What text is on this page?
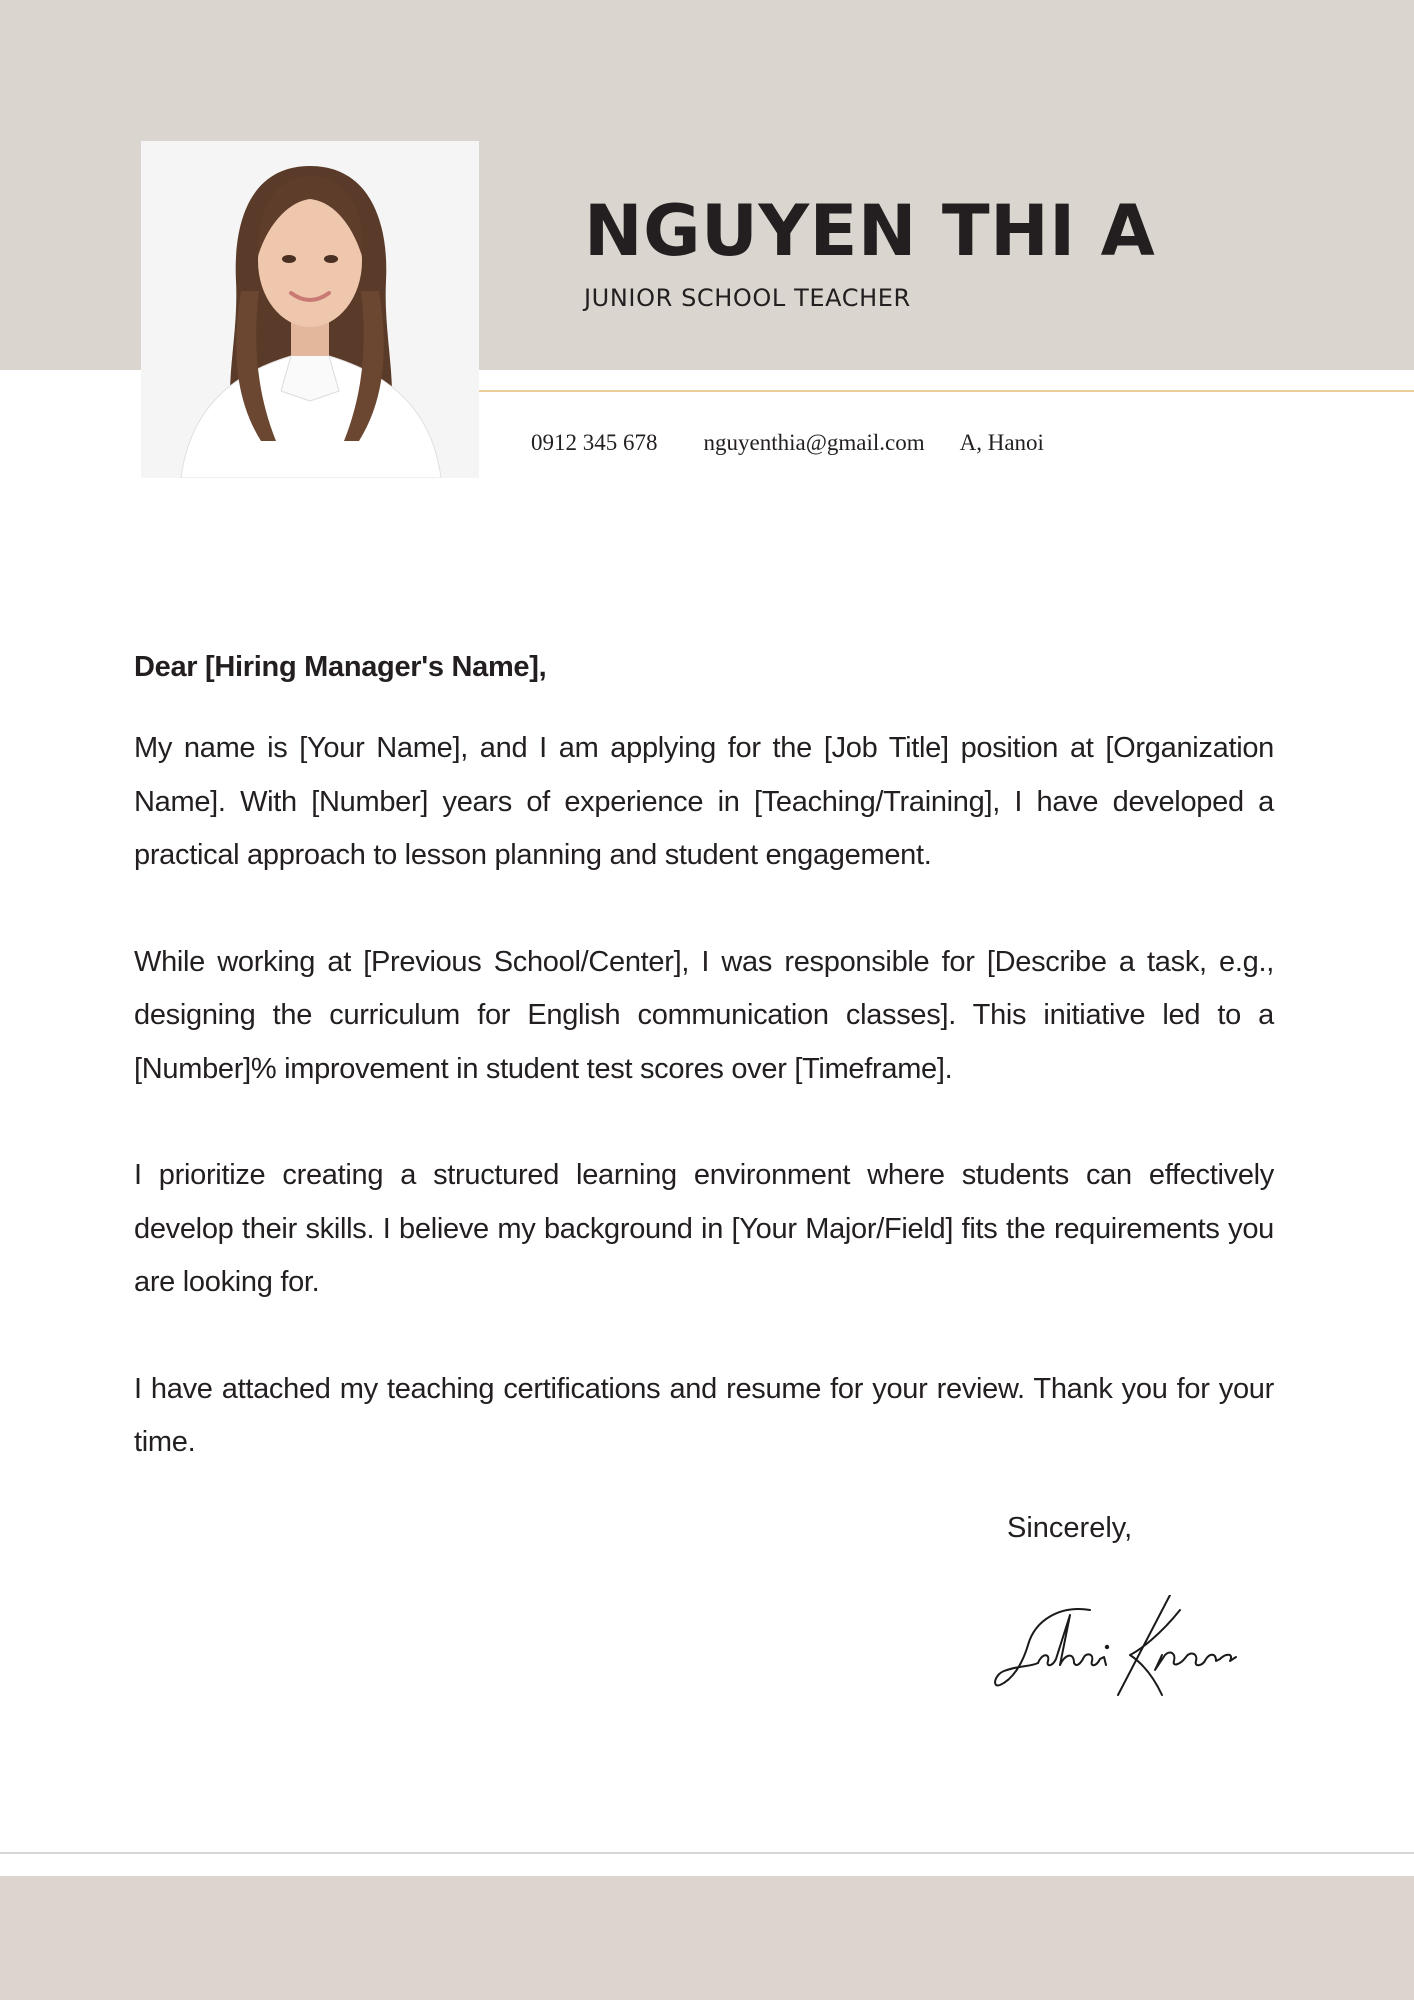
NGUYEN THI A
JUNIOR SCHOOL TEACHER
0912 345 678 nguyenthia@gmail.com A, Hanoi
Dear [Hiring Manager's Name],

My name is [Your Name], and I am applying for the [Job Title] position at [Organization Name]. With [Number] years of experience in [Teaching/Training], I have developed a practical approach to lesson planning and student engagement.

While working at [Previous School/Center], I was responsible for [Describe a task, e.g., designing the curriculum for English communication classes]. This initiative led to a [Number]% improvement in student test scores over [Timeframe].

I prioritize creating a structured learning environment where students can effectively develop their skills. I believe my background in [Your Major/Field] fits the requirements you are looking for.

I have attached my teaching certifications and resume for your review. Thank you for your time.

Sincerely,
